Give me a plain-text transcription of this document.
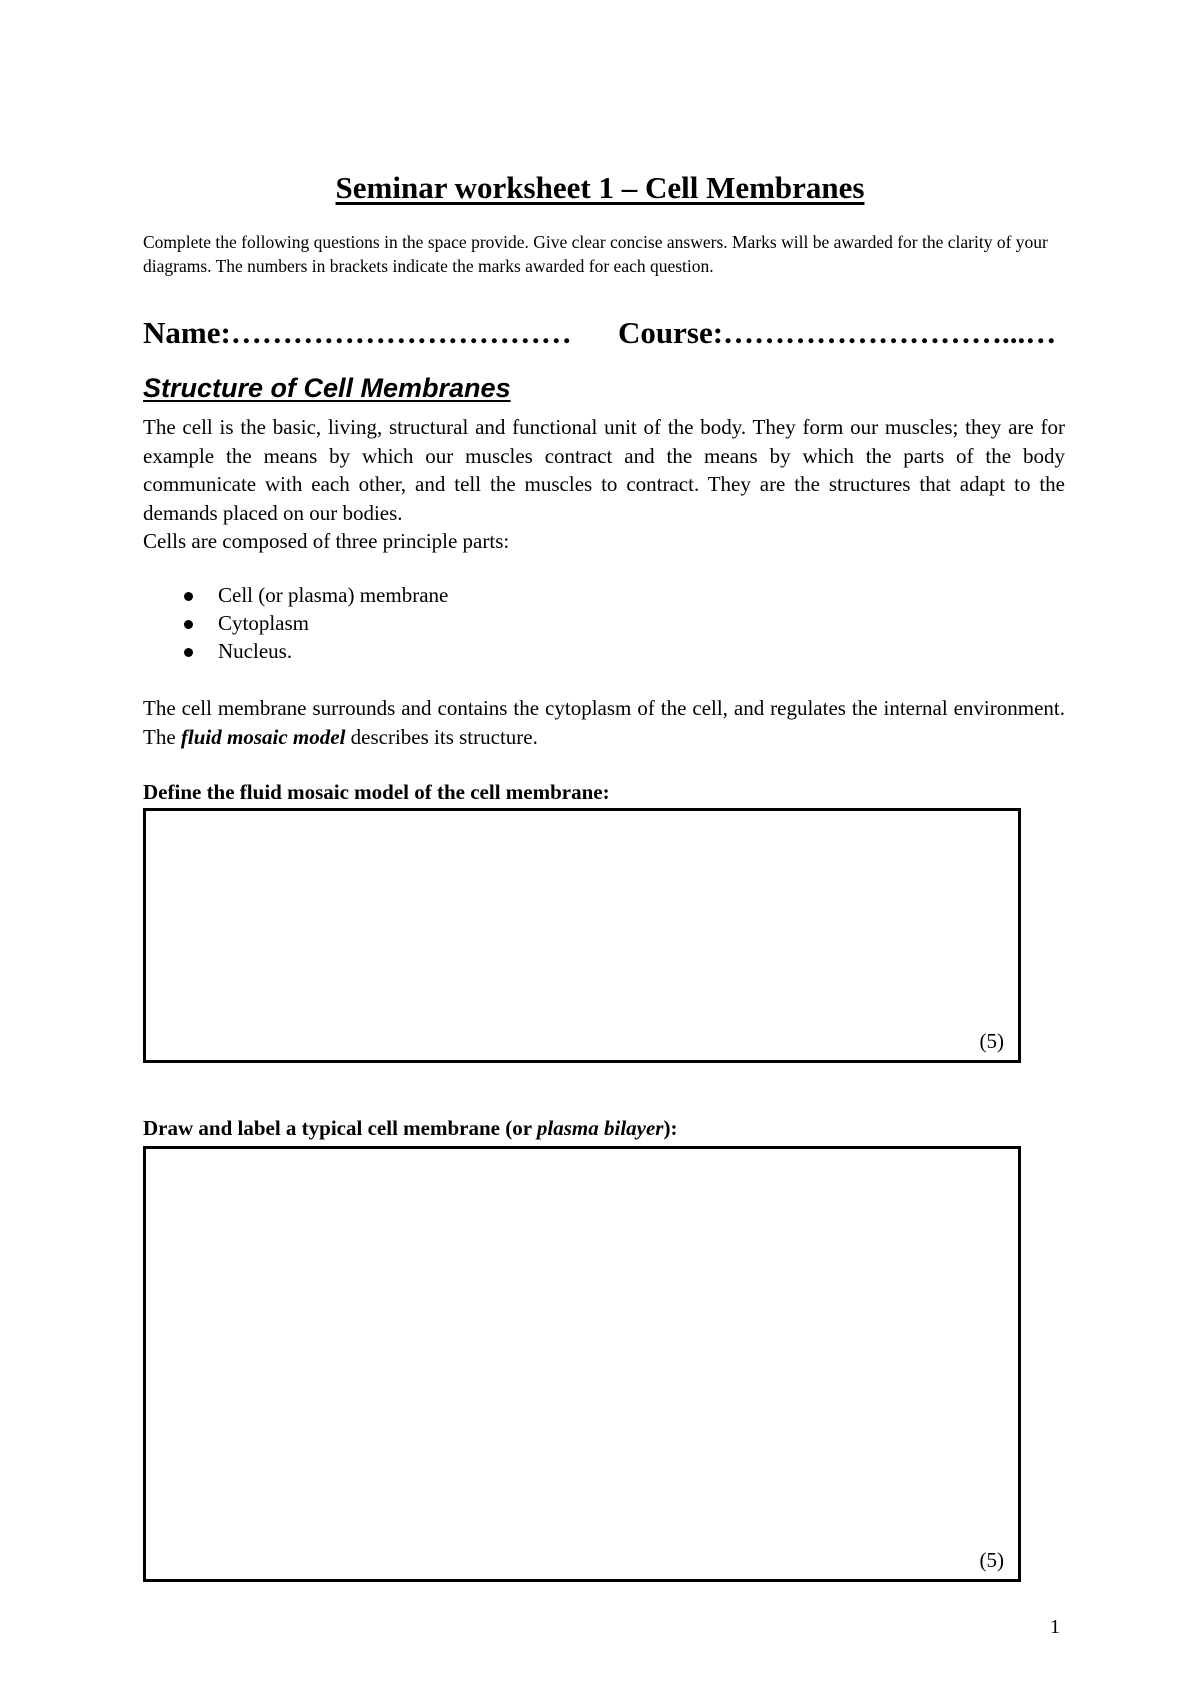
Seminar worksheet 1 – Cell Membranes

Complete the following questions in the space provide. Give clear concise answers. Marks will be awarded for the clarity of your diagrams. The numbers in brackets indicate the marks awarded for each question.

Name:…………………………… Course:………………………...…
Structure of Cell Membranes

The cell is the basic, living, structural and functional unit of the body. They form our muscles; they are for example the means by which our muscles contract and the means by which the parts of the body communicate with each other, and tell the muscles to contract. They are the structures that adapt to the demands placed on our bodies.

Cells are composed of three principle parts:

Cell (or plasma) membrane
Cytoplasm
Nucleus.

The cell membrane surrounds and contains the cytoplasm of the cell, and regulates the internal environment. The fluid mosaic model describes its structure.

Define the fluid mosaic model of the cell membrane:
(5)
Draw and label a typical cell membrane (or plasma bilayer):
(5)
1
